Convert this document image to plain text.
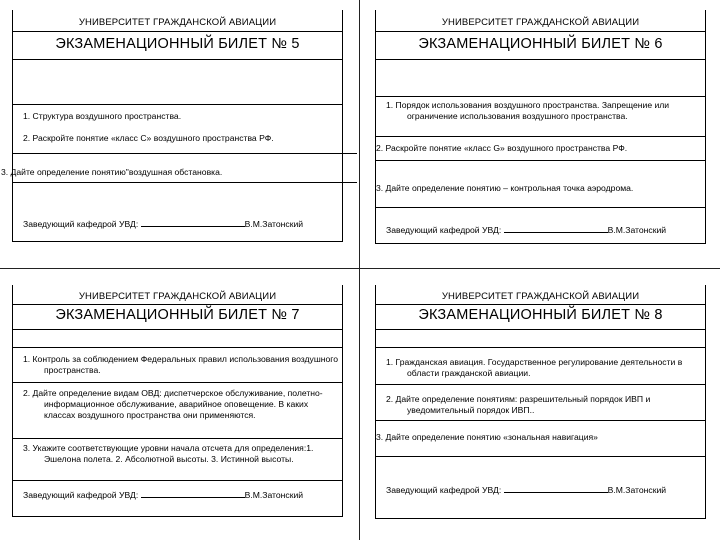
УНИВЕРСИТЕТ ГРАЖДАНСКОЙ АВИАЦИИ
ЭКЗАМЕНАЦИОННЫЙ БИЛЕТ № 5
1. Структура воздушного пространства.
2. Раскройте понятие «класс С» воздушного пространства РФ.
3. Дайте определение понятию"воздушная обстановка.
Заведующий кафедрой УВД:	В.М.Затонский
УНИВЕРСИТЕТ ГРАЖДАНСКОЙ АВИАЦИИ
ЭКЗАМЕНАЦИОННЫЙ БИЛЕТ № 6
1. Порядок использования воздушного пространства. Запрещение или ограничение использования воздушного пространства.
2. Раскройте понятие «класс G» воздушного пространства РФ.
3. Дайте определение понятию – контрольная точка аэродрома.
Заведующий кафедрой УВД:	В.М.Затонский
УНИВЕРСИТЕТ ГРАЖДАНСКОЙ АВИАЦИИ
ЭКЗАМЕНАЦИОННЫЙ БИЛЕТ № 7
1. Контроль за соблюдением Федеральных правил использования воздушного пространства.
2. Дайте определение видам ОВД: диспетчерское обслуживание, полетно-информационное обслуживание, аварийное оповещение. В каких классах воздушного пространства они применяются.
3. Укажите соответствующие уровни начала отсчета для определения:1. Эшелона полета. 2. Абсолютной высоты. 3. Истинной высоты.
Заведующий кафедрой УВД:	В.М.Затонский
УНИВЕРСИТЕТ ГРАЖДАНСКОЙ АВИАЦИИ
ЭКЗАМЕНАЦИОННЫЙ БИЛЕТ № 8
1. Гражданская авиация. Государственное регулирование деятельности в области гражданской авиации.
2. Дайте определение понятиям: разрешительный порядок ИВП и уведомительный порядок ИВП..
3. Дайте определение понятию «зональная навигация»
Заведующий кафедрой УВД:	В.М.Затонский
